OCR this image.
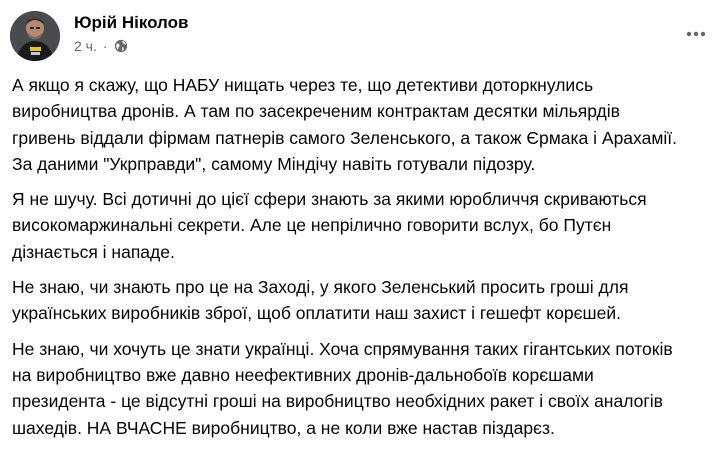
Юрій Ніколов
2 ч. ·

А якщо я скажу, що НАБУ нищать через те, що детективи доторкнулись
виробництва дронів. А там по засекреченим контрактам десятки мільярдів
гривень віддали фірмам патнерів самого Зеленського, а також Єрмака і Арахамії.
За даними "Укрправди", самому Міндічу навіть готували підозру.

Я не шучу. Всі дотичні до цієї сфери знають за якими юробличчя скриваються
високомаржинальні секрети. Але це непрілично говорити вслух, бо Путєн
дізнається і нападе.

Не знаю, чи знають про це на Заході, у якого Зеленський просить гроші для
українських виробників зброї, щоб оплатити наш захист і гешефт корєшей.

Не знаю, чи хочуть це знати українці. Хоча спрямування таких гігантських потоків
на виробництво вже давно неефективних дронів-дальнобоїв корєшами
президента - це відсутні гроші на виробництво необхідних ракет і своїх аналогів
шахедів. НА ВЧАСНЕ виробництво, а не коли вже настав піздарєз.
